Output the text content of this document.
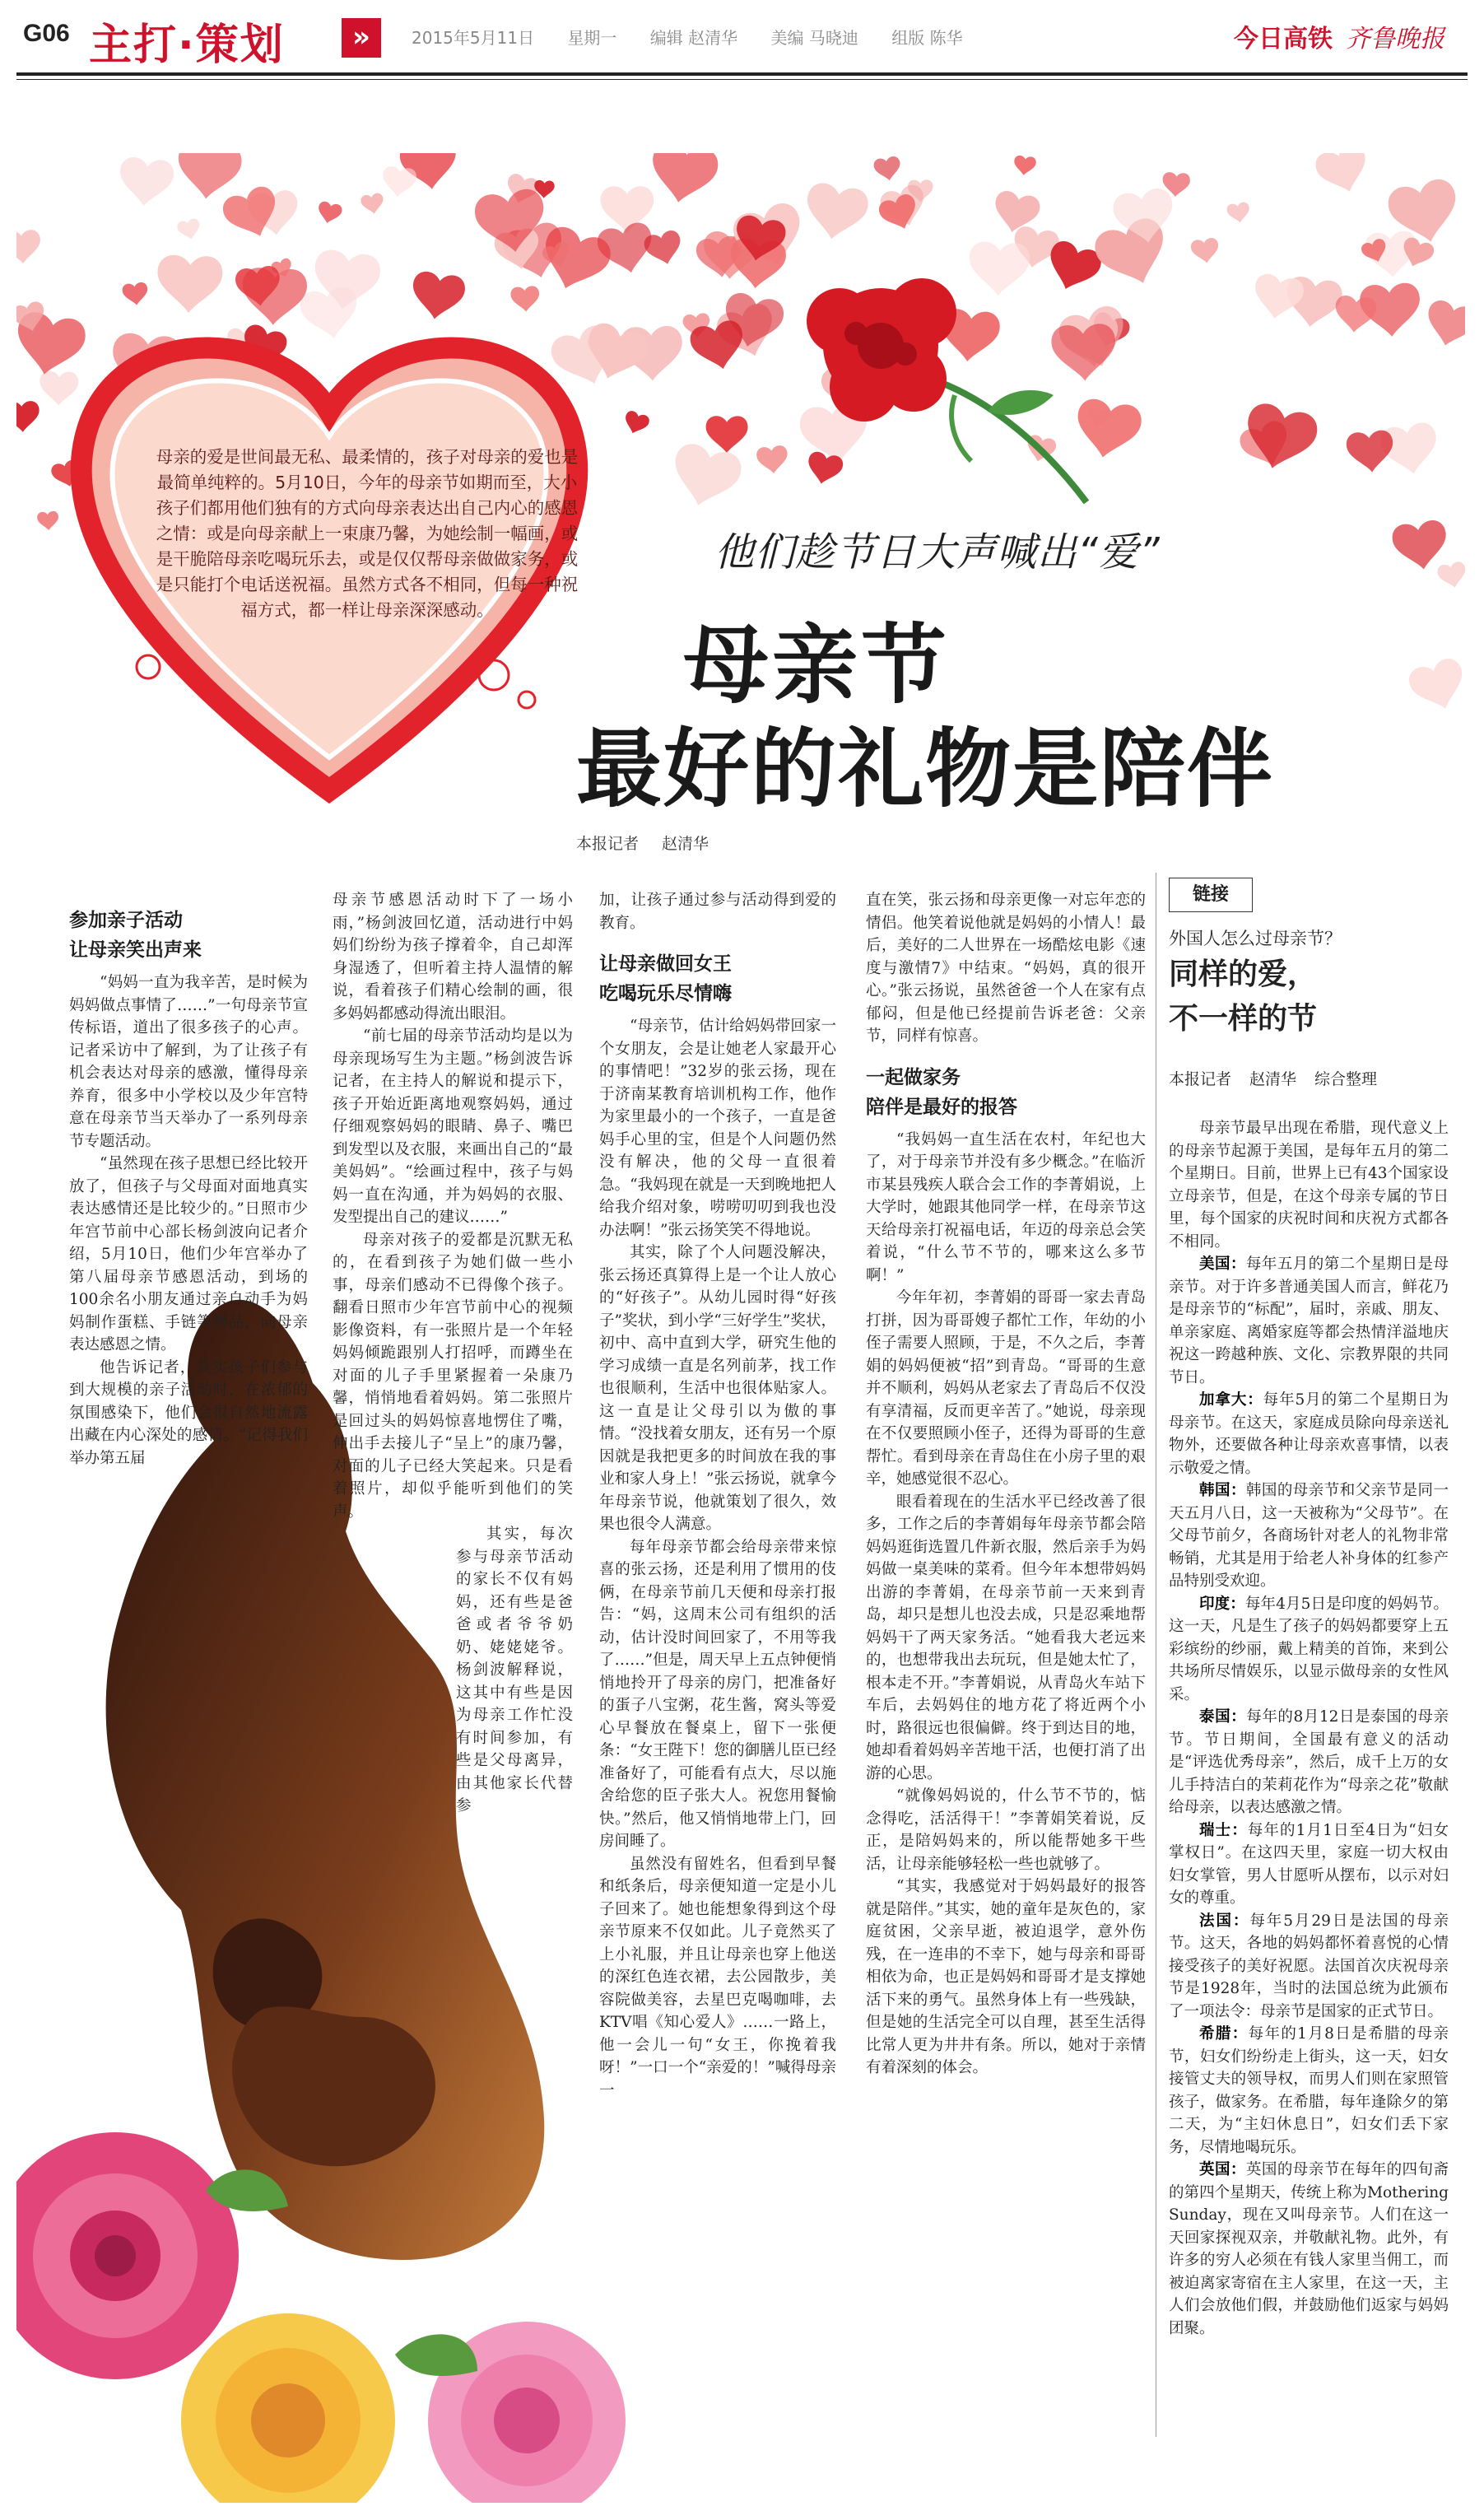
G06 主打·策划	»	2015年5月11日 星期一 编辑 赵清华 美编 马晓迪 组版 陈华	今日高铁 齐鲁晚报
母亲的爱是世间最无私、最柔情的，孩子对母亲的爱也是最简单纯粹的。5月10日，今年的母亲节如期而至，大小孩子们都用他们独有的方式向母亲表达出自己内心的感恩之情：或是向母亲献上一束康乃馨，为她绘制一幅画，或是干脆陪母亲吃喝玩乐去，或是仅仅帮母亲做做家务，或是只能打个电话送祝福。虽然方式各不相同，但每一种祝福方式，都一样让母亲深深感动。
他们趁节日大声喊出“爱”
母亲节
最好的礼物是陪伴
本报记者 赵清华
参加亲子活动
让母亲笑出声来

“妈妈一直为我辛苦，是时候为妈妈做点事情了……”一句母亲节宣传标语，道出了很多孩子的心声。记者采访中了解到，为了让孩子有机会表达对母亲的感激，懂得母亲养育，很多中小学校以及少年宫特意在母亲节当天举办了一系列母亲节专题活动。

“虽然现在孩子思想已经比较开放了，但孩子与父母面对面地真实表达感情还是比较少的。”日照市少年宫节前中心部长杨剑波向记者介绍，5月10日，他们少年宫举办了第八届母亲节感恩活动，到场的100余名小朋友通过亲自动手为妈妈制作蛋糕、手链等物品，向母亲表达感恩之情。

他告诉记者，其实孩子们参与到大规模的亲子活动时，在浓郁的氛围感染下，他们会很自然地流露出藏在内心深处的感情。“记得我们举办第五届

母亲节感恩活动时下了一场小雨，”杨剑波回忆道，活动进行中妈妈们纷纷为孩子撑着伞，自己却浑身湿透了，但听着主持人温情的解说，看着孩子们精心绘制的画，很多妈妈都感动得流出眼泪。

“前七届的母亲节活动均是以为母亲现场写生为主题。”杨剑波告诉记者，在主持人的解说和提示下，孩子开始近距离地观察妈妈，通过仔细观察妈妈的眼睛、鼻子、嘴巴到发型以及衣服，来画出自己的“最美妈妈”。“绘画过程中，孩子与妈妈一直在沟通，并为妈妈的衣服、发型提出自己的建议……”

母亲对孩子的爱都是沉默无私的，在看到孩子为她们做一些小事，母亲们感动不已得像个孩子。翻看日照市少年宫节前中心的视频影像资料，有一张照片是一个年轻妈妈倾跪跟别人打招呼，而蹲坐在对面的儿子手里紧握着一朵康乃馨，悄悄地看着妈妈。第二张照片是回过头的妈妈惊喜地愣住了嘴，伸出手去接儿子“呈上”的康乃馨，对面的儿子已经大笑起来。只是看着照片，却似乎能听到他们的笑声。

其实，每次参与母亲节活动的家长不仅有妈妈，还有些是爸爸或者爷爷奶奶、姥姥姥爷。杨剑波解释说，这其中有些是因为母亲工作忙没有时间参加，有些是父母离异，由其他家长代替参

加，让孩子通过参与活动得到爱的教育。

让母亲做回女王
吃喝玩乐尽情嗨

“母亲节，估计给妈妈带回家一个女朋友，会是让她老人家最开心的事情吧！”32岁的张云扬，现在于济南某教育培训机构工作，他作为家里最小的一个孩子，一直是爸妈手心里的宝，但是个人问题仍然没有解决，他的父母一直很着急。“我妈现在就是一天到晚地把人给我介绍对象，唠唠叨叨到我也没办法啊！”张云扬笑笑不得地说。

其实，除了个人问题没解决，张云扬还真算得上是一个让人放心的“好孩子”。从幼儿园时得“好孩子”奖状，到小学“三好学生”奖状，初中、高中直到大学，研究生他的学习成绩一直是名列前茅，找工作也很顺利，生活中也很体贴家人。这一直是让父母引以为傲的事情。“没找着女朋友，还有另一个原因就是我把更多的时间放在我的事业和家人身上！”张云扬说，就拿今年母亲节说，他就策划了很久，效果也很令人满意。

每年母亲节都会给母亲带来惊喜的张云扬，还是利用了惯用的伎俩，在母亲节前几天便和母亲打报告：“妈，这周末公司有组织的活动，估计没时间回家了，不用等我了……”但是，周天早上五点钟便悄悄地拎开了母亲的房门，把准备好的蛋子八宝粥，花生酱，窝头等爱心早餐放在餐桌上，留下一张便条：“女王陛下！您的御膳儿臣已经准备好了，可能看有点大，尽以施舍给您的臣子张大人。祝您用餐愉快。”然后，他又悄悄地带上门，回房间睡了。

虽然没有留姓名，但看到早餐和纸条后，母亲便知道一定是小儿子回来了。她也能想象得到这个母亲节原来不仅如此。儿子竟然买了上小礼服，并且让母亲也穿上他送的深红色连衣裙，去公园散步，美容院做美容，去星巴克喝咖啡，去KTV唱《知心爱人》……一路上，他一会儿一句“女王，你挽着我呀！”一口一个“亲爱的！”喊得母亲一

直在笑，张云扬和母亲更像一对忘年恋的情侣。他笑着说他就是妈妈的小情人！最后，美好的二人世界在一场酷炫电影《速度与激情7》中结束。“妈妈，真的很开心。”张云扬说，虽然爸爸一个人在家有点郁闷，但是他已经提前告诉老爸：父亲节，同样有惊喜。

一起做家务
陪伴是最好的报答

“我妈妈一直生活在农村，年纪也大了，对于母亲节并没有多少概念。”在临沂市某县残疾人联合会工作的李菁娟说，上大学时，她跟其他同学一样，在母亲节这天给母亲打祝福电话，年迈的母亲总会笑着说，“什么节不节的，哪来这么多节啊！”

今年年初，李菁娟的哥哥一家去青岛打拼，因为哥哥嫂子都忙工作，年幼的小侄子需要人照顾，于是，不久之后，李菁娟的妈妈便被“招”到青岛。“哥哥的生意并不顺利，妈妈从老家去了青岛后不仅没有享清福，反而更辛苦了。”她说，母亲现在不仅要照顾小侄子，还得为哥哥的生意帮忙。看到母亲在青岛住在小房子里的艰辛，她感觉很不忍心。

眼看着现在的生活水平已经改善了很多，工作之后的李菁娟每年母亲节都会陪妈妈逛街选置几件新衣服，然后亲手为妈妈做一桌美味的菜肴。但今年本想带妈妈出游的李菁娟，在母亲节前一天来到青岛，却只是想儿也没去成，只是忍乘地帮妈妈干了两天家务活。“她看我大老远来的，也想带我出去玩玩，但是她太忙了，根本走不开。”李菁娟说，从青岛火车站下车后，去妈妈住的地方花了将近两个小时，路很远也很偏僻。终于到达目的地，她却看着妈妈辛苦地干活，也便打消了出游的心思。

“就像妈妈说的，什么节不节的，惦念得吃，活活得干！”李菁娟笑着说，反正，是陪妈妈来的，所以能帮她多干些活，让母亲能够轻松一些也就够了。

“其实，我感觉对于妈妈最好的报答就是陪伴。”其实，她的童年是灰色的，家庭贫困，父亲早逝，被迫退学，意外伤残，在一连串的不幸下，她与母亲和哥哥相依为命，也正是妈妈和哥哥才是支撑她活下来的勇气。虽然身体上有一些残缺，但是她的生活完全可以自理，甚至生活得比常人更为井井有条。所以，她对于亲情有着深刻的体会。

链接
外国人怎么过母亲节？
同样的爱，
不一样的节
本报记者 赵清华 综合整理

母亲节最早出现在希腊，现代意义上的母亲节起源于美国，是每年五月的第二个星期日。目前，世界上已有43个国家设立母亲节，但是，在这个母亲专属的节日里，每个国家的庆祝时间和庆祝方式都各不相同。

美国：每年五月的第二个星期日是母亲节。对于许多普通美国人而言，鲜花乃是母亲节的“标配”，届时，亲戚、朋友、单亲家庭、离婚家庭等都会热情洋溢地庆祝这一跨越种族、文化、宗教界限的共同节日。

加拿大：每年5月的第二个星期日为母亲节。在这天，家庭成员除向母亲送礼物外，还要做各种让母亲欢喜事情，以表示敬爱之情。

韩国：韩国的母亲节和父亲节是同一天五月八日，这一天被称为“父母节”。在父母节前夕，各商场针对老人的礼物非常畅销，尤其是用于给老人补身体的红参产品特别受欢迎。

印度：每年4月5日是印度的妈妈节。这一天，凡是生了孩子的妈妈都要穿上五彩缤纷的纱丽，戴上精美的首饰，来到公共场所尽情娱乐，以显示做母亲的女性风采。

泰国：每年的8月12日是泰国的母亲节。节日期间，全国最有意义的活动是“评选优秀母亲”，然后，成千上万的女儿手持洁白的茉莉花作为“母亲之花”敬献给母亲，以表达感激之情。

瑞士：每年的1月1日至4日为“妇女掌权日”。在这四天里，家庭一切大权由妇女掌管，男人甘愿听从摆布，以示对妇女的尊重。

法国：每年5月29日是法国的母亲节。这天，各地的妈妈都怀着喜悦的心情接受孩子的美好祝愿。法国首次庆祝母亲节是1928年，当时的法国总统为此颁布了一项法令：母亲节是国家的正式节日。

希腊：每年的1月8日是希腊的母亲节，妇女们纷纷走上街头，这一天，妇女接管丈夫的领导权，而男人们则在家照管孩子，做家务。在希腊，每年逢除夕的第二天，为“主妇休息日”，妇女们丢下家务，尽情地喝玩乐。

英国：英国的母亲节在每年的四旬斋的第四个星期天，传统上称为Mothering Sunday，现在又叫母亲节。人们在这一天回家探视双亲，并敬献礼物。此外，有许多的穷人必须在有钱人家里当佣工，而被迫离家寄宿在主人家里，在这一天，主人们会放他们假，并鼓励他们返家与妈妈团聚。
